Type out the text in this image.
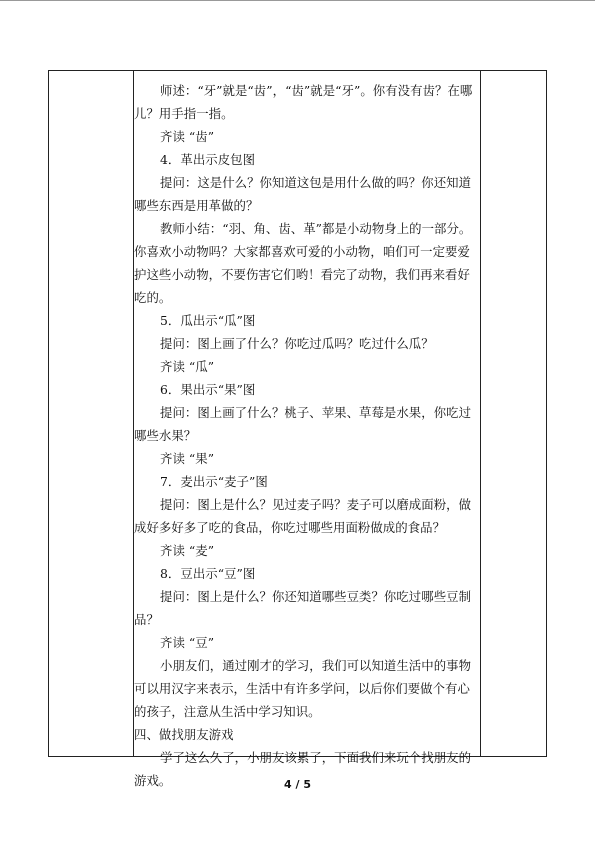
师述：“牙”就是“齿”，“齿”就是“牙”。你有没有齿？在哪儿？用手指一指。

齐读 “齿”

4．革出示皮包图

提问：这是什么？你知道这包是用什么做的吗？你还知道哪些东西是用革做的？

教师小结：“羽、角、齿、革”都是小动物身上的一部分。你喜欢小动物吗？大家都喜欢可爱的小动物，咱们可一定要爱护这些小动物，不要伤害它们哟！看完了动物，我们再来看好吃的。

5．瓜出示“瓜”图

提问：图上画了什么？你吃过瓜吗？吃过什么瓜？

齐读 “瓜”

6．果出示“果”图

提问：图上画了什么？桃子、苹果、草莓是水果，你吃过哪些水果？

齐读 “果”

7．麦出示“麦子”图

提问：图上是什么？见过麦子吗？麦子可以磨成面粉，做成好多好多了吃的食品，你吃过哪些用面粉做成的食品？

齐读 “麦”

8．豆出示“豆”图

提问：图上是什么？你还知道哪些豆类？你吃过哪些豆制品？

齐读 “豆”

小朋友们，通过刚才的学习，我们可以知道生活中的事物可以用汉字来表示，生活中有许多学问，以后你们要做个有心的孩子，注意从生活中学习知识。

四、做找朋友游戏

学了这么久了，小朋友该累了，下面我们来玩个找朋友的游戏。	4 / 5
